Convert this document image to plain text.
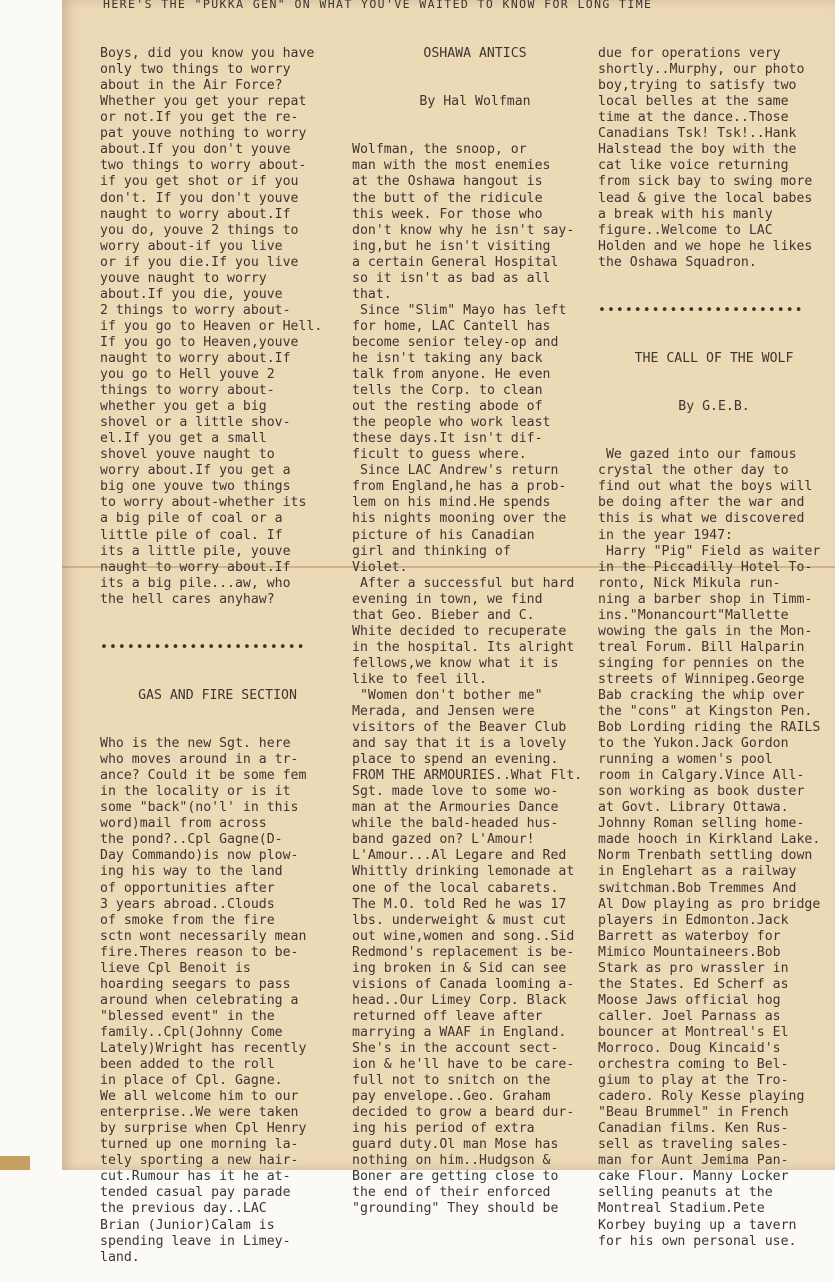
HERE'S THE "PUKKA GEN" ON WHAT YOU'VE WAITED TO KNOW FOR LONG TIME

Boys, did you know you have
only two things to worry
about in the Air Force?
Whether you get your repat
or not.If you get the re-
pat youve nothing to worry
about.If you don't youve
two things to worry about-
if you get shot or if you
don't. If you don't youve
naught to worry about.If
you do, youve 2 things to
worry about-if you live
or if you die.If you live
youve naught to worry
about.If you die, youve
2 things to worry about-
if you go to Heaven or Hell.
If you go to Heaven,youve
naught to worry about.If
you go to Hell youve 2
things to worry about-
whether you get a big
shovel or a little shov-
el.If you get a small
shovel youve naught to
worry about.If you get a
big one youve two things
to worry about-whether its
a big pile of coal or a
little pile of coal. If
its a little pile, youve
naught to worry about.If
its a big pile...aw, who
the hell cares anyhaw?

•••••••••••••••••••••••

GAS AND FIRE SECTION

Who is the new Sgt. here
who moves around in a tr-
ance? Could it be some fem
in the locality or is it
some "back"(no'l' in this
word)mail from across
the pond?..Cpl Gagne(D-
Day Commando)is now plow-
ing his way to the land
of opportunities after
3 years abroad..Clouds
of smoke from the fire
sctn wont necessarily mean
fire.Theres reason to be-
lieve Cpl Benoit is
hoarding seegars to pass
around when celebrating a
"blessed event" in the
family..Cpl(Johnny Come
Lately)Wright has recently
been added to the roll
in place of Cpl. Gagne.
We all welcome him to our
enterprise..We were taken
by surprise when Cpl Henry
turned up one morning la-
tely sporting a new hair-
cut.Rumour has it he at-
tended casual pay parade
the previous day..LAC
Brian (Junior)Calam is
spending leave in Limey-
land.

OSHAWA ANTICS

By Hal Wolfman

Wolfman, the snoop, or
man with the most enemies
at the Oshawa hangout is
the butt of the ridicule
this week. For those who
don't know why he isn't say-
ing,but he isn't visiting
a certain General Hospital
so it isn't as bad as all
that.
Since "Slim" Mayo has left
for home, LAC Cantell has
become senior teley-op and
he isn't taking any back
talk from anyone. He even
tells the Corp. to clean
out the resting abode of
the people who work least
these days.It isn't dif-
ficult to guess where.
Since LAC Andrew's return
from England,he has a prob-
lem on his mind.He spends
his nights mooning over the
picture of his Canadian
girl and thinking of
Violet.
After a successful but hard
evening in town, we find
that Geo. Bieber and C.
White decided to recuperate
in the hospital. Its alright
fellows,we know what it is
like to feel ill.
"Women don't bother me"
Merada, and Jensen were
visitors of the Beaver Club
and say that it is a lovely
place to spend an evening.
FROM THE ARMOURIES..What Flt.
Sgt. made love to some wo-
man at the Armouries Dance
while the bald-headed hus-
band gazed on? L'Amour!
L'Amour...Al Legare and Red
Whittly drinking lemonade at
one of the local cabarets.
The M.O. told Red he was 17
lbs. underweight & must cut
out wine,women and song..Sid
Redmond's replacement is be-
ing broken in & Sid can see
visions of Canada looming a-
head..Our Limey Corp. Black
returned off leave after
marrying a WAAF in England.
She's in the account sect-
ion & he'll have to be care-
full not to snitch on the
pay envelope..Geo. Graham
decided to grow a beard dur-
ing his period of extra
guard duty.Ol man Mose has
nothing on him..Hudgson &
Boner are getting close to
the end of their enforced
"grounding" They should be

due for operations very
shortly..Murphy, our photo
boy,trying to satisfy two
local belles at the same
time at the dance..Those
Canadians Tsk! Tsk!..Hank
Halstead the boy with the
cat like voice returning
from sick bay to swing more
lead & give the local babes
a break with his manly
figure..Welcome to LAC
Holden and we hope he likes
the Oshawa Squadron.

•••••••••••••••••••••••

THE CALL OF THE WOLF

By G.E.B.

We gazed into our famous
crystal the other day to
find out what the boys will
be doing after the war and
this is what we discovered
in the year 1947:
Harry "Pig" Field as waiter
in the Piccadilly Hotel To-
ronto, Nick Mikula run-
ning a barber shop in Timm-
ins."Monancourt"Mallette
wowing the gals in the Mon-
treal Forum. Bill Halparin
singing for pennies on the
streets of Winnipeg.George
Bab cracking the whip over
the "cons" at Kingston Pen.
Bob Lording riding the RAILS
to the Yukon.Jack Gordon
running a women's pool
room in Calgary.Vince All-
son working as book duster
at Govt. Library Ottawa.
Johnny Roman selling home-
made hooch in Kirkland Lake.
Norm Trenbath settling down
in Englehart as a railway
switchman.Bob Tremmes And
Al Dow playing as pro bridge
players in Edmonton.Jack
Barrett as waterboy for
Mimico Mountaineers.Bob
Stark as pro wrassler in
the States. Ed Scherf as
Moose Jaws official hog
caller. Joel Parnass as
bouncer at Montreal's El
Morroco. Doug Kincaid's
orchestra coming to Bel-
gium to play at the Tro-
cadero. Roly Kesse playing
"Beau Brummel" in French
Canadian films. Ken Rus-
sell as traveling sales-
man for Aunt Jemima Pan-
cake Flour. Manny Locker
selling peanuts at the
Montreal Stadium.Pete
Korbey buying up a tavern
for his own personal use.
